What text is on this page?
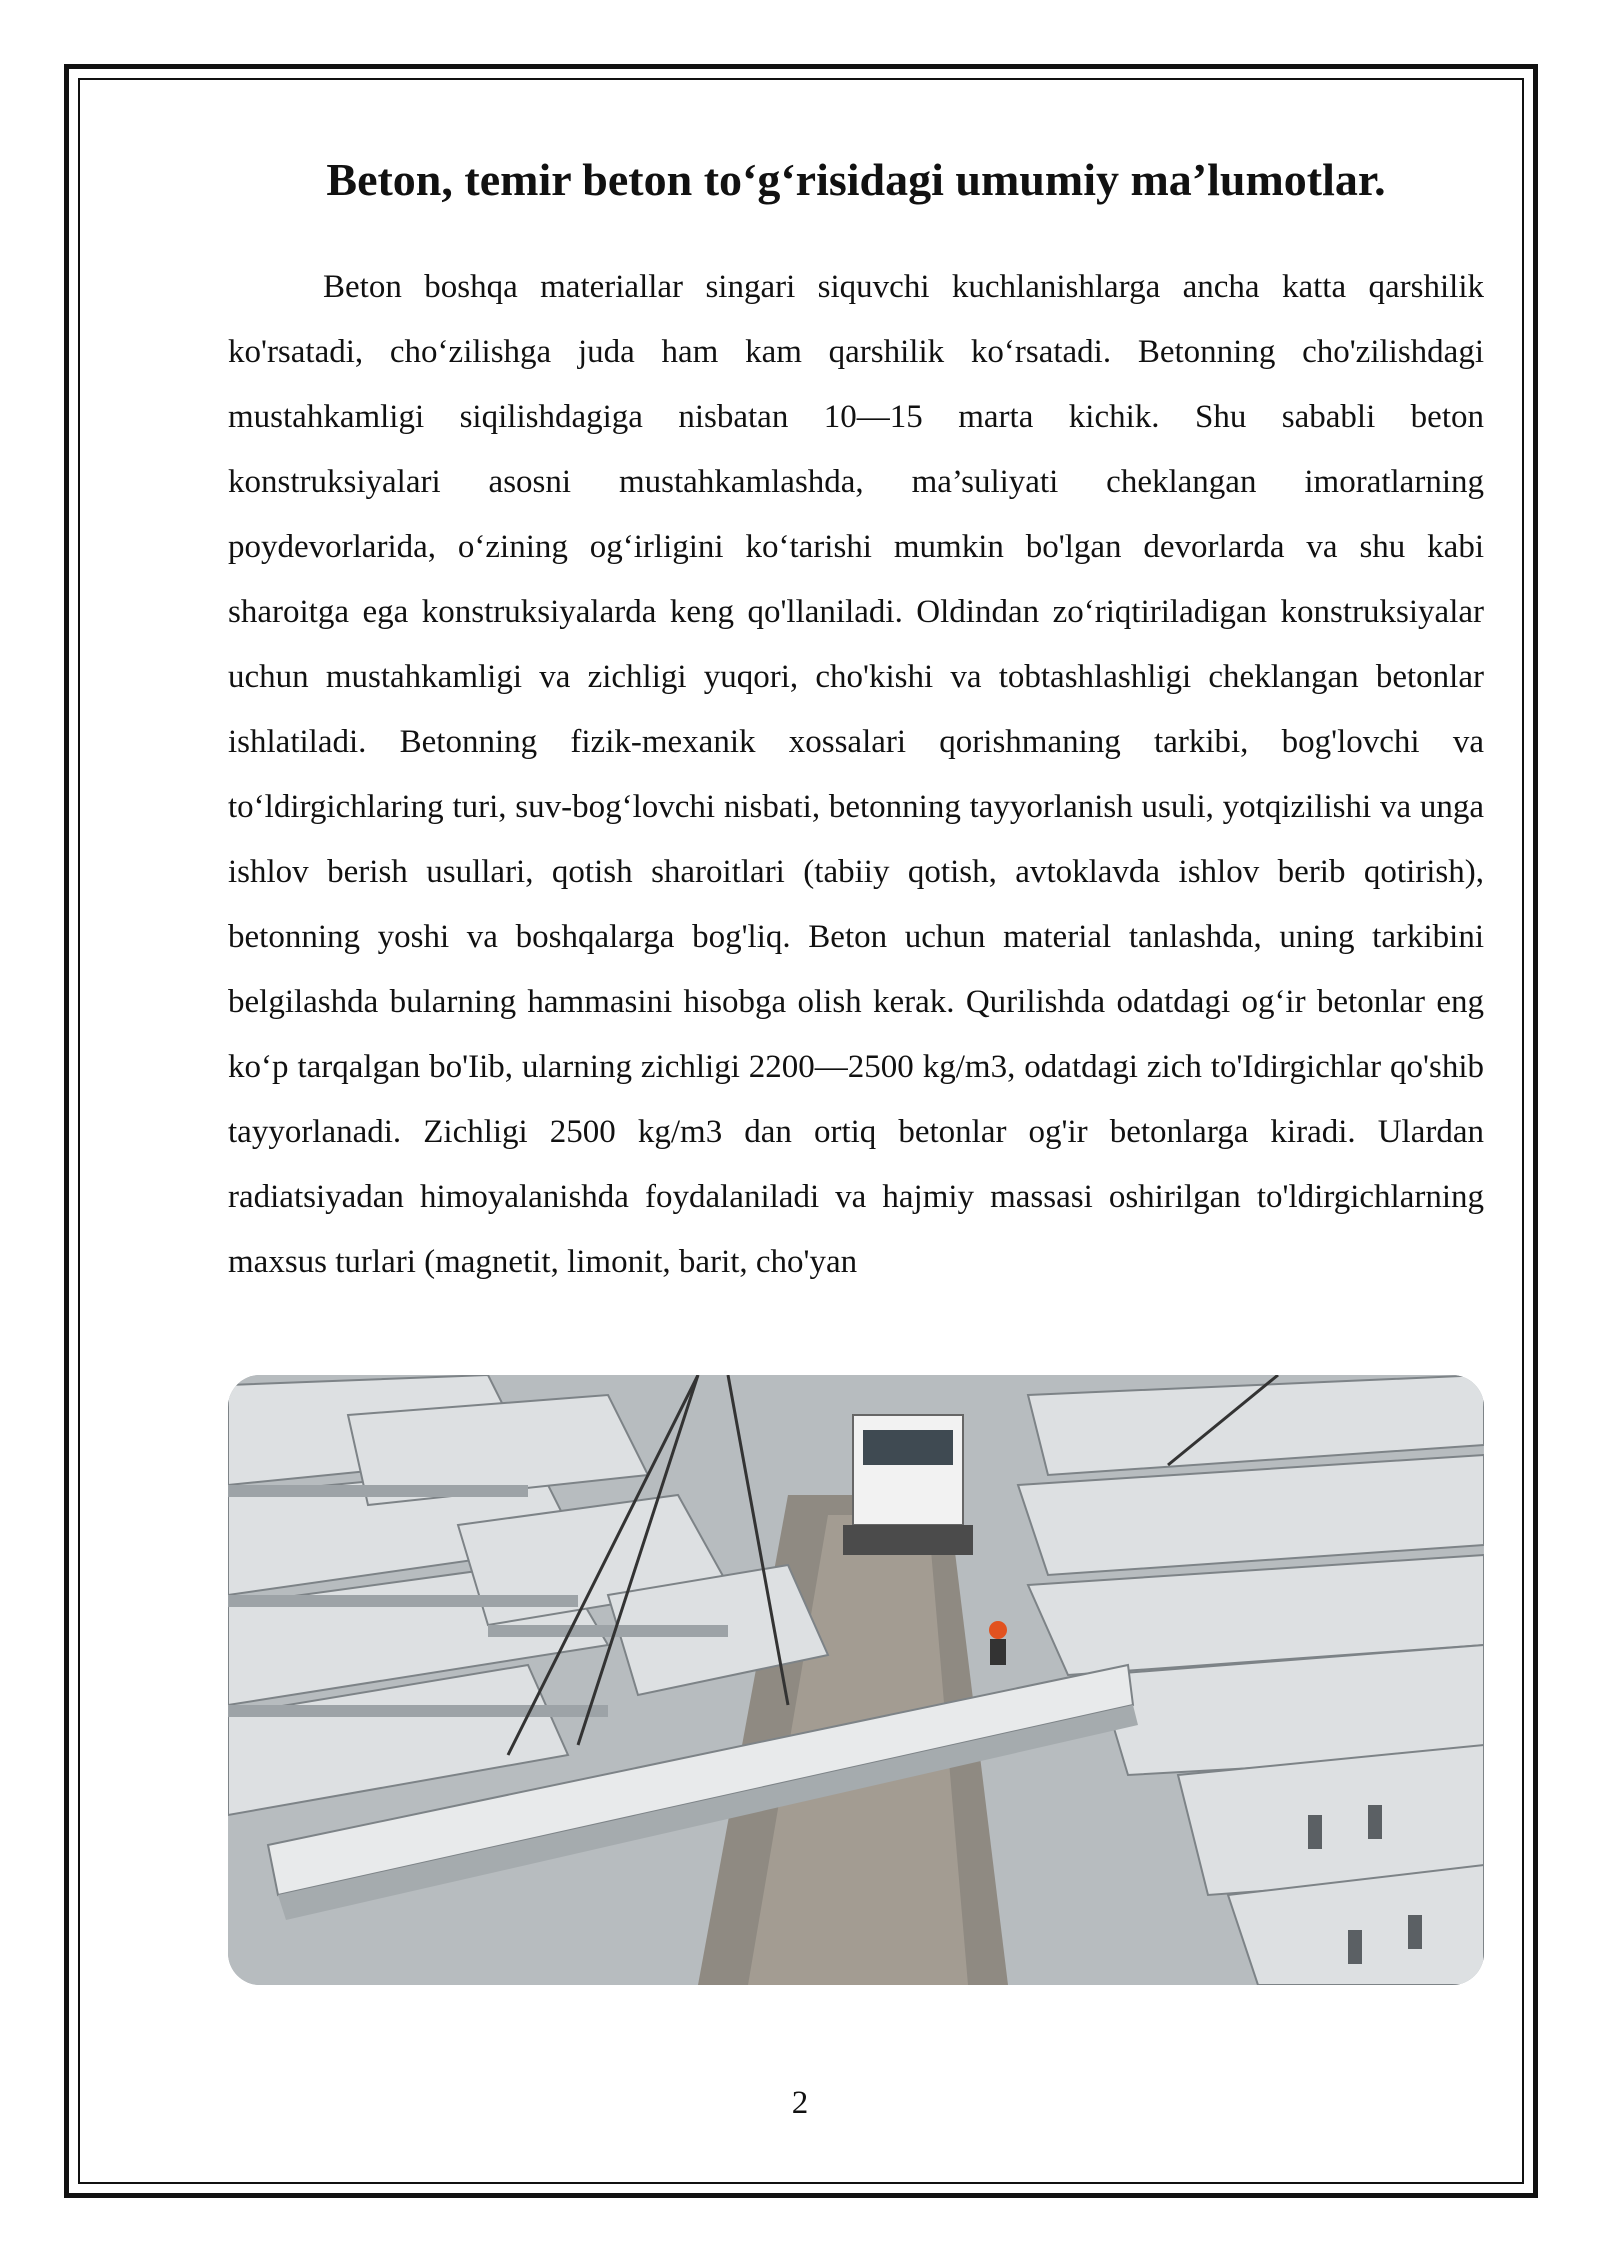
Beton, temir beton to‘g‘risidagi umumiy ma’lumotlar.

Beton boshqa materiallar singari siquvchi kuchlanishlarga ancha katta qarshilik ko'rsatadi, cho‘zilishga juda ham kam qarshilik ko‘rsatadi. Betonning cho'zilishdagi mustahkamligi siqilishdagiga nisbatan 10—15 marta kichik. Shu sababli beton konstruksiyalari asosni mustahkamlashda, ma’suliyati cheklangan imoratlarning poydevorlarida, o‘zining og‘irligini ko‘tarishi mumkin bo'lgan devorlarda va shu kabi sharoitga ega konstruksiyalarda keng qo'llaniladi. Oldindan zo‘riqtiriladigan konstruksiyalar uchun mustahkamligi va zichligi yuqori, cho'kishi va tobtashlashligi cheklangan betonlar ishlatiladi. Betonning fizik-mexanik xossalari qorishmaning tarkibi, bog'lovchi va to‘ldirgichlaring turi, suv-bog‘lovchi nisbati, betonning tayyorlanish usuli, yotqizilishi va unga ishlov berish usullari, qotish sharoitlari (tabiiy qotish, avtoklavda ishlov berib qotirish), betonning yoshi va boshqalarga bog'liq. Beton uchun material tanlashda, uning tarkibini belgilashda bularning hammasini hisobga olish kerak. Qurilishda odatdagi og‘ir betonlar eng ko‘p tarqalgan bo'Iib, ularning zichligi 2200—2500 kg/m3, odatdagi zich to'Idirgichlar qo'shib tayyorlanadi. Zichligi 2500 kg/m3 dan ortiq betonlar og'ir betonlarga kiradi. Ulardan radiatsiyadan himoyalanishda foydalaniladi va hajmiy massasi oshirilgan to'ldirgichlarning maxsus turlari (magnetit, limonit, barit, cho'yan

2
